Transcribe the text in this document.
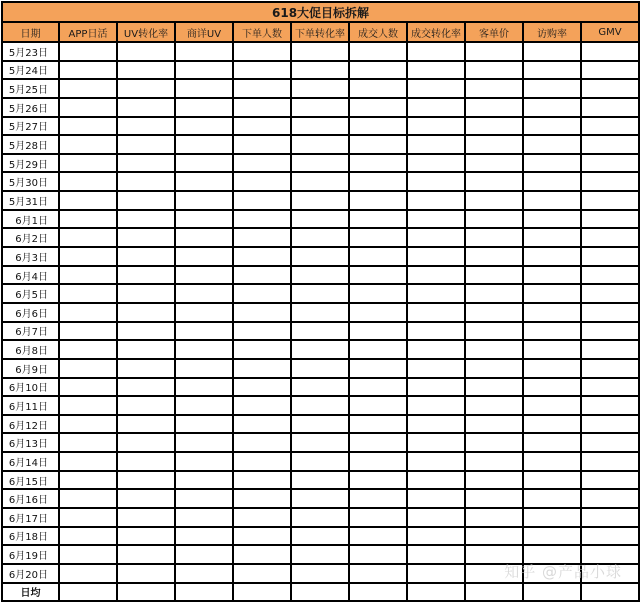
618大促目标拆解										
日期	APP日活	UV转化率	商详UV	下单人数	下单转化率	成交人数	成交转化率	客单价	访购率	GMV
5月23日										
5月24日										
5月25日										
5月26日										
5月27日										
5月28日										
5月29日										
5月30日										
5月31日										
6月1日										
6月2日										
6月3日										
6月4日										
6月5日										
6月6日										
6月7日										
6月8日										
6月9日										
6月10日										
6月11日										
6月12日										
6月13日										
6月14日										
6月15日										
6月16日										
6月17日										
6月18日										
6月19日										
6月20日										
日均										
知乎 @产品小球
